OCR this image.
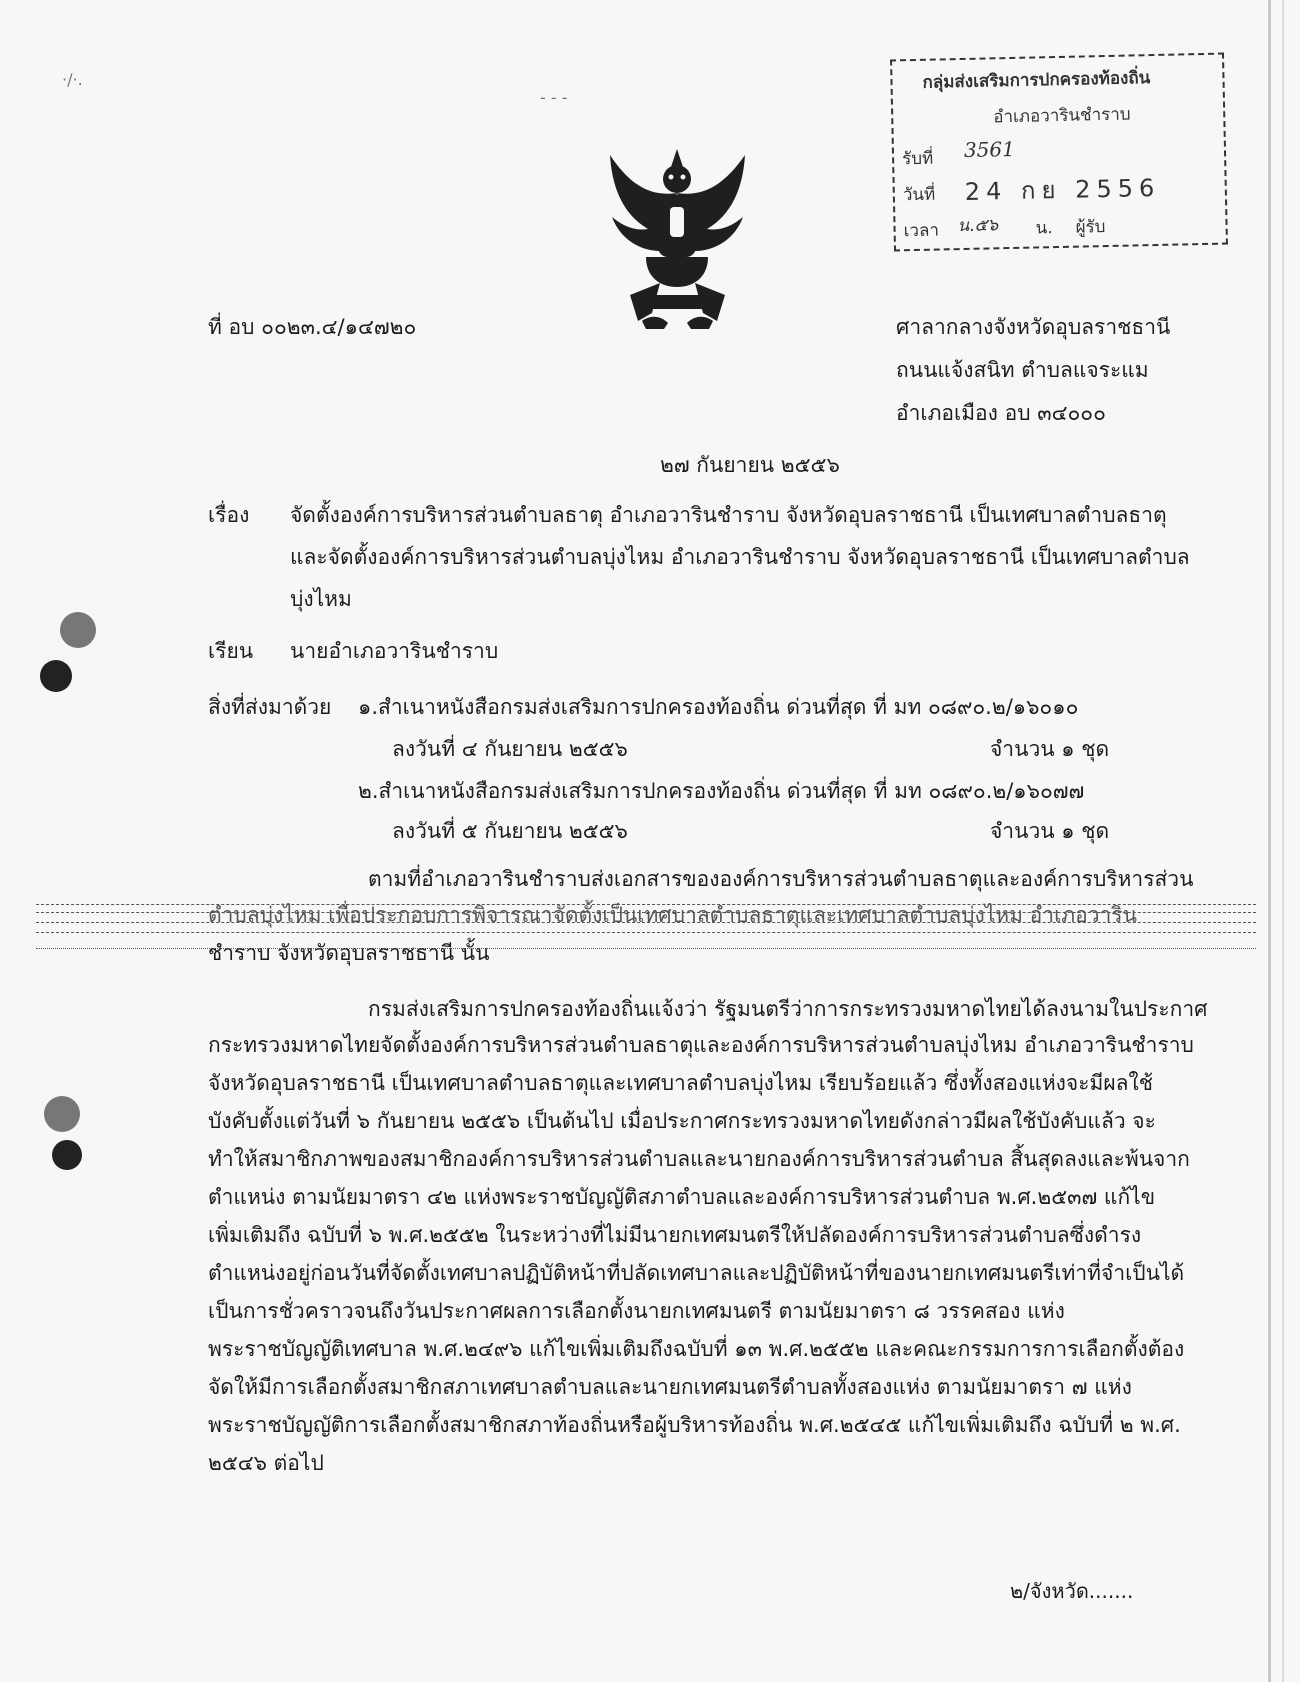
กลุ่มส่งเสริมการปกครองท้องถิ่น
อำเภอวารินชำราบ
รับที่ 3561
วันที่ 24 กย 2556
เวลา น.๕๖ น. ผู้รับ
·/·.
- - -
ที่ อบ ๐๐๒๓.๔/๑๔๗๒๐	ศาลากลางจังหวัดอุบลราชธานี
ถนนแจ้งสนิท ตำบลแจระแม
อำเภอเมือง อบ ๓๔๐๐๐
๒๗ กันยายน ๒๕๕๖
เรื่อง จัดตั้งองค์การบริหารส่วนตำบลธาตุ อำเภอวารินชำราบ จังหวัดอุบลราชธานี เป็นเทศบาลตำบลธาตุ
และจัดตั้งองค์การบริหารส่วนตำบลบุ่งไหม อำเภอวารินชำราบ จังหวัดอุบลราชธานี เป็นเทศบาลตำบล
บุ่งไหม
เรียน นายอำเภอวารินชำราบ
สิ่งที่ส่งมาด้วย ๑.สำเนาหนังสือกรมส่งเสริมการปกครองท้องถิ่น ด่วนที่สุด ที่ มท ๐๘๙๐.๒/๑๖๐๑๐
ลงวันที่ ๔ กันยายน ๒๕๕๖	จำนวน ๑ ชุด
๒.สำเนาหนังสือกรมส่งเสริมการปกครองท้องถิ่น ด่วนที่สุด ที่ มท ๐๘๙๐.๒/๑๖๐๗๗
ลงวันที่ ๕ กันยายน ๒๕๕๖	จำนวน ๑ ชุด
ตามที่อำเภอวารินชำราบส่งเอกสารขององค์การบริหารส่วนตำบลธาตุและองค์การบริหารส่วน
ตำบลบุ่งไหม เพื่อประกอบการพิจารณาจัดตั้งเป็นเทศบาลตำบลธาตุและเทศบาลตำบลบุ่งไหม อำเภอวาริน
ชำราบ จังหวัดอุบลราชธานี นั้น
กรมส่งเสริมการปกครองท้องถิ่นแจ้งว่า รัฐมนตรีว่าการกระทรวงมหาดไทยได้ลงนามในประกาศ
กระทรวงมหาดไทยจัดตั้งองค์การบริหารส่วนตำบลธาตุและองค์การบริหารส่วนตำบลบุ่งไหม อำเภอวารินชำราบ
จังหวัดอุบลราชธานี เป็นเทศบาลตำบลธาตุและเทศบาลตำบลบุ่งไหม เรียบร้อยแล้ว ซึ่งทั้งสองแห่งจะมีผลใช้
บังคับตั้งแต่วันที่ ๖ กันยายน ๒๕๕๖ เป็นต้นไป เมื่อประกาศกระทรวงมหาดไทยดังกล่าวมีผลใช้บังคับแล้ว จะ
ทำให้สมาชิกภาพของสมาชิกองค์การบริหารส่วนตำบลและนายกองค์การบริหารส่วนตำบล สิ้นสุดลงและพ้นจาก
ตำแหน่ง ตามนัยมาตรา ๔๒ แห่งพระราชบัญญัติสภาตำบลและองค์การบริหารส่วนตำบล พ.ศ.๒๕๓๗ แก้ไข
เพิ่มเติมถึง ฉบับที่ ๖ พ.ศ.๒๕๕๒ ในระหว่างที่ไม่มีนายกเทศมนตรีให้ปลัดองค์การบริหารส่วนตำบลซึ่งดำรง
ตำแหน่งอยู่ก่อนวันที่จัดตั้งเทศบาลปฏิบัติหน้าที่ปลัดเทศบาลและปฏิบัติหน้าที่ของนายกเทศมนตรีเท่าที่จำเป็นได้
เป็นการชั่วคราวจนถึงวันประกาศผลการเลือกตั้งนายกเทศมนตรี ตามนัยมาตรา ๘ วรรคสอง แห่ง
พระราชบัญญัติเทศบาล พ.ศ.๒๔๙๖ แก้ไขเพิ่มเติมถึงฉบับที่ ๑๓ พ.ศ.๒๕๕๒ และคณะกรรมการการเลือกตั้งต้อง
จัดให้มีการเลือกตั้งสมาชิกสภาเทศบาลตำบลและนายกเทศมนตรีตำบลทั้งสองแห่ง ตามนัยมาตรา ๗ แห่ง
พระราชบัญญัติการเลือกตั้งสมาชิกสภาท้องถิ่นหรือผู้บริหารท้องถิ่น พ.ศ.๒๕๔๕ แก้ไขเพิ่มเติมถึง ฉบับที่ ๒ พ.ศ.
๒๕๔๖ ต่อไป
๒/จังหวัด.......
